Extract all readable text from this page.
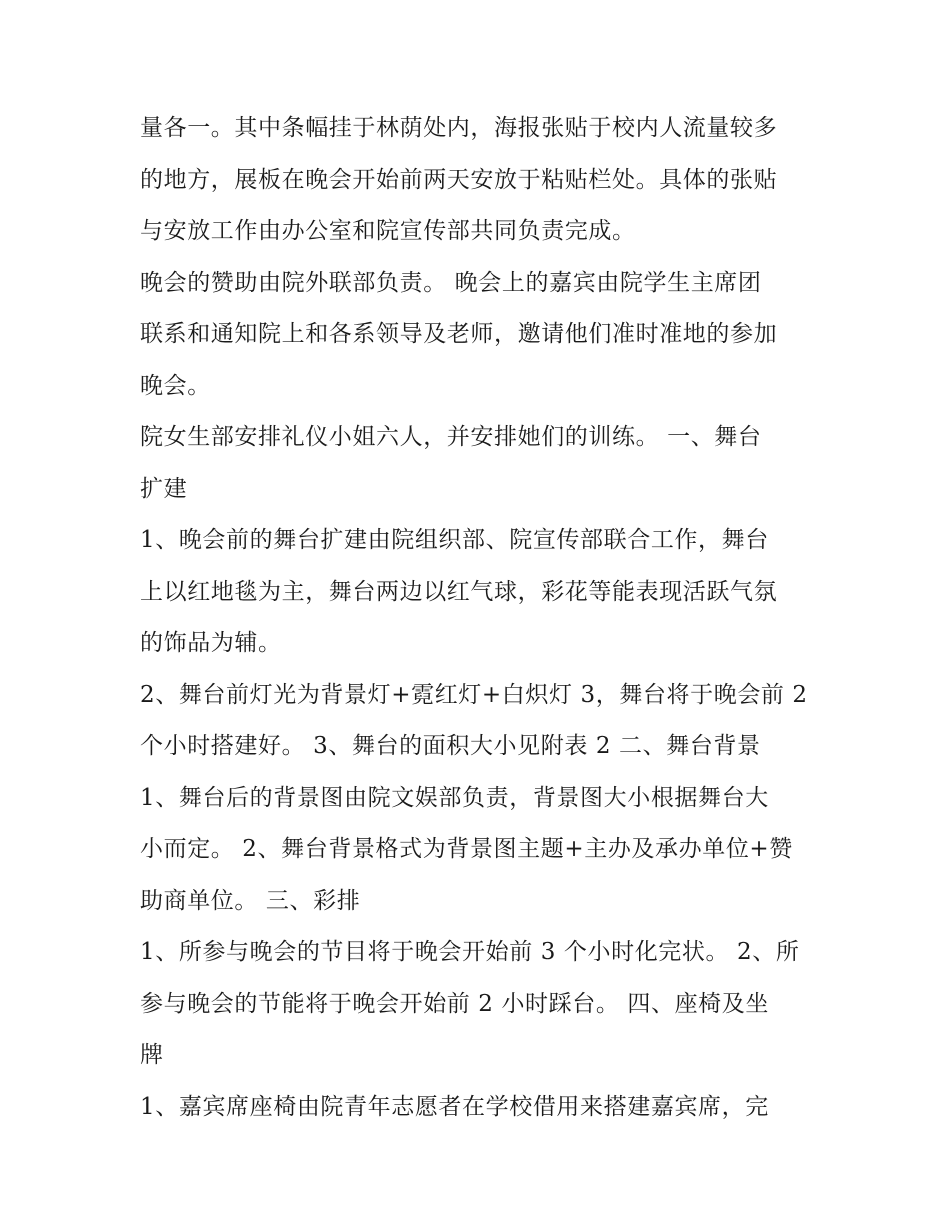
量各一。其中条幅挂于林荫处内，海报张贴于校内人流量较多
的地方，展板在晚会开始前两天安放于粘贴栏处。具体的张贴
与安放工作由办公室和院宣传部共同负责完成。

晚会的赞助由院外联部负责。 晚会上的嘉宾由院学生主席团
联系和通知院上和各系领导及老师，邀请他们准时准地的参加
晚会。

院女生部安排礼仪小姐六人，并安排她们的训练。 一、舞台
扩建

1、晚会前的舞台扩建由院组织部、院宣传部联合工作，舞台
上以红地毯为主，舞台两边以红气球，彩花等能表现活跃气氛
的饰品为辅。

2、舞台前灯光为背景灯+霓红灯+白炽灯 3，舞台将于晚会前 2
个小时搭建好。 3、舞台的面积大小见附表 2 二、舞台背景

1、舞台后的背景图由院文娱部负责，背景图大小根据舞台大
小而定。 2、舞台背景格式为背景图主题+主办及承办单位+赞
助商单位。 三、彩排

1、所参与晚会的节目将于晚会开始前 3 个小时化完状。 2、所
参与晚会的节能将于晚会开始前 2 小时踩台。 四、座椅及坐
牌

1、嘉宾席座椅由院青年志愿者在学校借用来搭建嘉宾席，完
